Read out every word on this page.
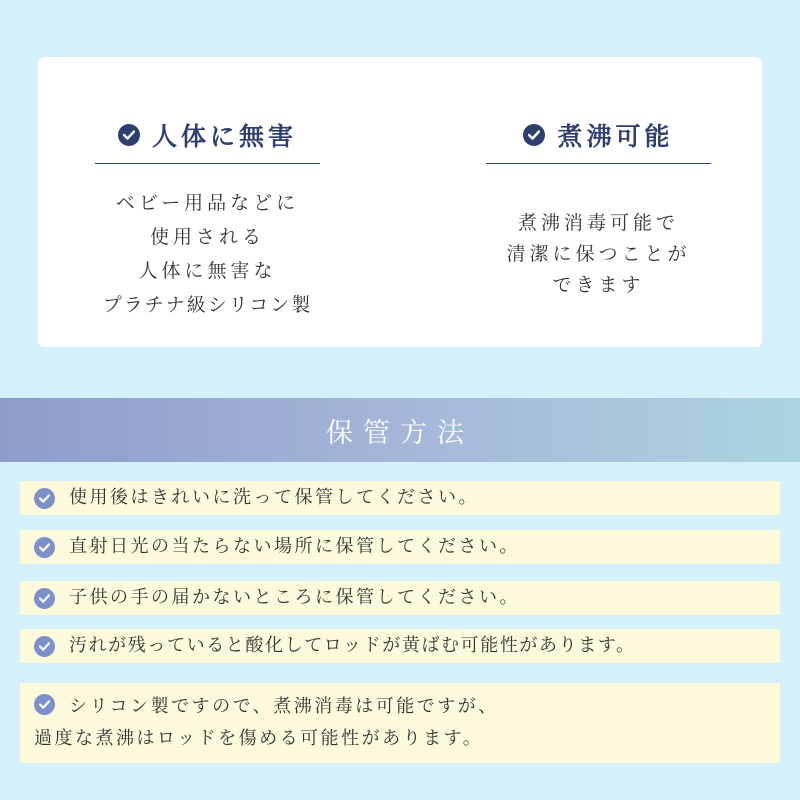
人体に無害
ベビー用品などに
使用される
人体に無害な
プラチナ級シリコン製
煮沸可能
煮沸消毒可能で
清潔に保つことが
できます
保管方法
使用後はきれいに洗って保管してください。
直射日光の当たらない場所に保管してください。
子供の手の届かないところに保管してください。
汚れが残っていると酸化してロッドが黄ばむ可能性があります。
シリコン製ですので、煮沸消毒は可能ですが、
過度な煮沸はロッドを傷める可能性があります。
